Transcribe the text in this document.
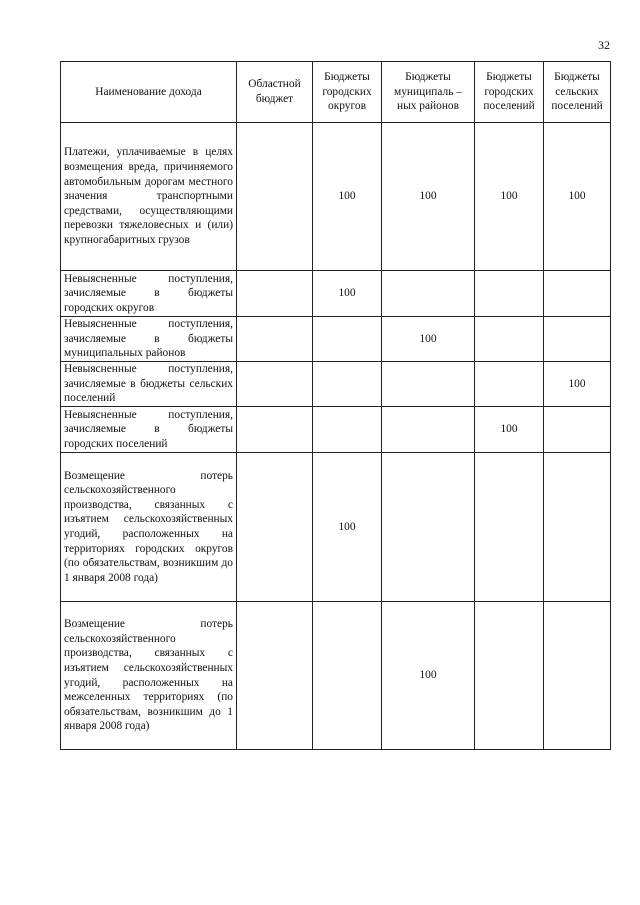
32
Наименование дохода	Областной бюджет	Бюджеты городских округов	Бюджеты муниципаль –ных районов	Бюджеты городских поселений	Бюджеты сельских поселений
Платежи, уплачиваемые в целях возмещения вреда, причиняемого автомобильным дорогам местного значения транспортными средствами, осуществляющими перевозки тяжеловесных и (или) крупногабаритных грузов		100	100	100	100
Невыясненные поступления, зачисляемые в бюджеты городских округов		100			
Невыясненные поступления, зачисляемые в бюджеты муниципальных районов			100		
Невыясненные поступления, зачисляемые в бюджеты сельских поселений					100
Невыясненные поступления, зачисляемые в бюджеты городских поселений				100	
Возмещение потерь сельскохозяйственного производства, связанных с изъятием сельскохозяйственных угодий, расположенных на территориях городских округов (по обязательствам, возникшим до 1 января 2008 года)		100			
Возмещение потерь сельскохозяйственного производства, связанных с изъятием сельскохозяйственных угодий, расположенных на межселенных территориях (по обязательствам, возникшим до 1 января 2008 года)			100		
